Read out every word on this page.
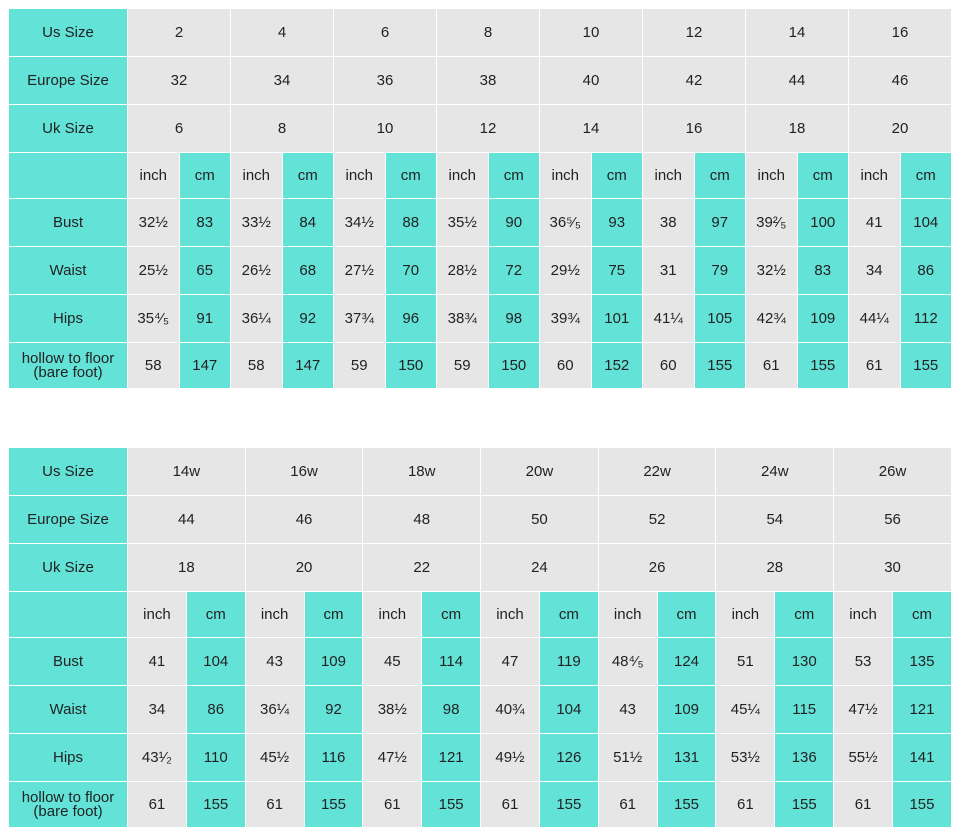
Us Size	2		4		6		8		10		12		14		16	
Europe Size	32		34		36		38		40		42		44		46	
Uk Size	6		8		10		12		14		16		18		20	
	inch	cm	inch	cm	inch	cm	inch	cm	inch	cm	inch	cm	inch	cm	inch	cm
Bust	32½	83	33½	84	34½	88	35½	90	36⁵⁄₅	93	38	97	39²⁄₅	100	41	104
Waist	25½	65	26½	68	27½	70	28½	72	29½	75	31	79	32½	83	34	86
Hips	35⁴⁄₅	91	36¼	92	37¾	96	38¾	98	39¾	101	41¼	105	42¾	109	44¼	112
hollow to floor
(bare foot)	58	147	58	147	59	150	59	150	60	152	60	155	61	155	61	155
Us Size	14w		16w		18w		20w		22w		24w		26w	
Europe Size	44		46		48		50		52		54		56	
Uk Size	18		20		22		24		26		28		30	
	inch	cm	inch	cm	inch	cm	inch	cm	inch	cm	inch	cm	inch	cm
Bust	41	104	43	109	45	114	47	119	48⁴⁄₅	124	51	130	53	135
Waist	34	86	36¼	92	38½	98	40¾	104	43	109	45¼	115	47½	121
Hips	43¹⁄₂	110	45½	116	47½	121	49½	126	51½	131	53½	136	55½	141
hollow to floor
(bare foot)	61	155	61	155	61	155	61	155	61	155	61	155	61	155
